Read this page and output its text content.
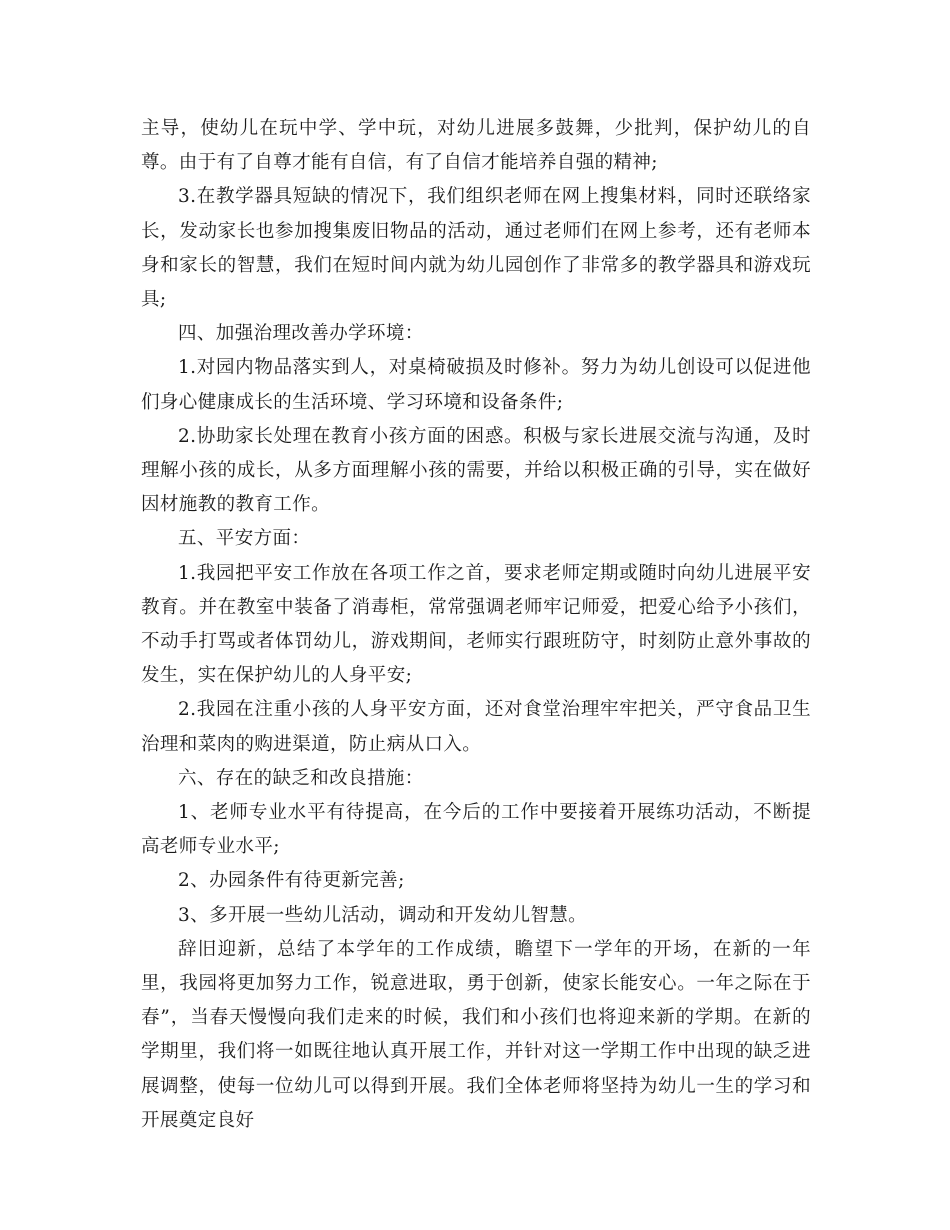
主导，使幼儿在玩中学、学中玩，对幼儿进展多鼓舞，少批判，保护幼儿的自尊。由于有了自尊才能有自信，有了自信才能培养自强的精神;

3.在教学器具短缺的情况下，我们组织老师在网上搜集材料，同时还联络家长，发动家长也参加搜集废旧物品的活动，通过老师们在网上参考，还有老师本身和家长的智慧，我们在短时间内就为幼儿园创作了非常多的教学器具和游戏玩具;

四、加强治理改善办学环境：

1.对园内物品落实到人，对桌椅破损及时修补。努力为幼儿创设可以促进他们身心健康成长的生活环境、学习环境和设备条件;

2.协助家长处理在教育小孩方面的困惑。积极与家长进展交流与沟通，及时理解小孩的成长，从多方面理解小孩的需要，并给以积极正确的引导，实在做好因材施教的教育工作。

五、平安方面：

1.我园把平安工作放在各项工作之首，要求老师定期或随时向幼儿进展平安教育。并在教室中装备了消毒柜，常常强调老师牢记师爱，把爱心给予小孩们，不动手打骂或者体罚幼儿，游戏期间，老师实行跟班防守，时刻防止意外事故的发生，实在保护幼儿的人身平安;

2.我园在注重小孩的人身平安方面，还对食堂治理牢牢把关，严守食品卫生治理和菜肉的购进渠道，防止病从口入。

六、存在的缺乏和改良措施：

1、老师专业水平有待提高，在今后的工作中要接着开展练功活动，不断提高老师专业水平;

2、办园条件有待更新完善;

3、多开展一些幼儿活动，调动和开发幼儿智慧。

辞旧迎新，总结了本学年的工作成绩，瞻望下一学年的开场，在新的一年里，我园将更加努力工作，锐意进取，勇于创新，使家长能安心。一年之际在于春”，当春天慢慢向我们走来的时候，我们和小孩们也将迎来新的学期。在新的学期里，我们将一如既往地认真开展工作，并针对这一学期工作中出现的缺乏进展调整，使每一位幼儿可以得到开展。我们全体老师将坚持为幼儿一生的学习和开展奠定良好
